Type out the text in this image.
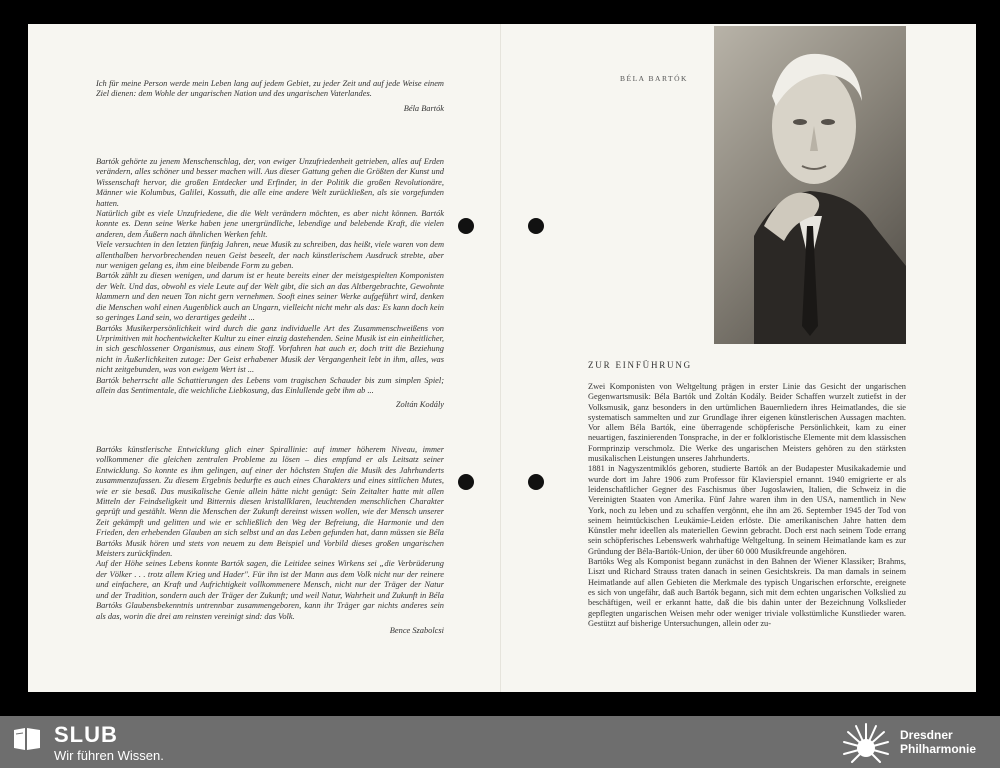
Ich für meine Person werde mein Leben lang auf jedem Gebiet, zu jeder Zeit und auf jede Weise einem Ziel dienen: dem Wohle der ungarischen Nation und des ungarischen Vaterlandes.

Béla Bartók

Bartók gehörte zu jenem Menschenschlag, der, von ewiger Unzufriedenheit getrieben, alles auf Erden verändern, alles schöner und besser machen will. Aus dieser Gattung gehen die Größten der Kunst und Wissenschaft hervor, die großen Entdecker und Erfinder, in der Politik die großen Revolutionäre, Männer wie Kolumbus, Galilei, Kossuth, die alle eine andere Welt zurückließen, als sie vorgefunden hatten.

Natürlich gibt es viele Unzufriedene, die die Welt verändern möchten, es aber nicht können. Bartók konnte es. Denn seine Werke haben jene unergründliche, lebendige und belebende Kraft, die vielen anderen, dem Äußern nach ähnlichen Werken fehlt.

Viele versuchten in den letzten fünfzig Jahren, neue Musik zu schreiben, das heißt, viele waren von dem allenthalben hervorbrechenden neuen Geist beseelt, der nach künstlerischem Ausdruck strebte, aber nur wenigen gelang es, ihm eine bleibende Form zu geben.

Bartók zählt zu diesen wenigen, und darum ist er heute bereits einer der meistgespielten Komponisten der Welt. Und das, obwohl es viele Leute auf der Welt gibt, die sich an das Altbergebrachte, Gewohnte klammern und den neuen Ton nicht gern vernehmen. Sooft eines seiner Werke aufgeführt wird, denken die Menschen wohl einen Augenblick auch an Ungarn, vielleicht nicht mehr als das: Es kann doch kein so geringes Land sein, wo derartiges gedeiht ...

Bartóks Musikerpersönlichkeit wird durch die ganz individuelle Art des Zusammenschweißens von Urprimitiven mit hochentwickelter Kultur zu einer einzig dastehenden. Seine Musik ist ein einheitlicher, in sich geschlossener Organismus, aus einem Stoff. Vorfahren hat auch er, doch tritt die Beziehung nicht in Äußerlichkeiten zutage: Der Geist erhabener Musik der Vergangenheit lebt in ihm, alles, was nicht zeitgebunden, was von ewigem Wert ist ...

Bartók beherrscht alle Schattierungen des Lebens vom tragischen Schauder bis zum simplen Spiel; allein das Sentimentale, die weichliche Liebkosung, das Einlullende gebt ihm ab ...

Zoltán Kodály

Bartóks künstlerische Entwicklung glich einer Spirallinie: auf immer höherem Niveau, immer vollkommener die gleichen zentralen Probleme zu lösen – dies empfand er als Leitsatz seiner Entwicklung. So konnte es ihm gelingen, auf einer der höchsten Stufen die Musik des Jahrhunderts zusammenzufassen. Zu diesem Ergebnis bedurfte es auch eines Charakters und eines sittlichen Mutes, wie er sie besaß. Das musikalische Genie allein hätte nicht genügt: Sein Zeitalter hatte mit allen Mitteln der Feindseligkeit und Bitternis diesen kristallklaren, leuchtenden menschlichen Charakter geprüft und gestählt. Wenn die Menschen der Zukunft dereinst wissen wollen, wie der Mensch unserer Zeit gekämpft und gelitten und wie er schließlich den Weg der Befreiung, die Harmonie und den Frieden, den erhebenden Glauben an sich selbst und an das Leben gefunden hat, dann müssen sie Béla Bartóks Musik hören und stets von neuem zu dem Beispiel und Vorbild dieses großen ungarischen Meisters zurückfinden.

Auf der Höhe seines Lebens konnte Bartók sagen, die Leitidee seines Wirkens sei „die Verbrüderung der Völker . . . trotz allem Krieg und Hader". Für ihn ist der Mann aus dem Volk nicht nur der reinere und einfachere, an Kraft und Aufrichtigkeit vollkommenere Mensch, nicht nur der Träger der Natur und der Tradition, sondern auch der Träger der Zukunft; und weil Natur, Wahrheit und Zukunft in Béla Bartóks Glaubensbekenntnis untrennbar zusammengeboren, kann ihr Träger gar nichts anderes sein als das, worin die drei am reinsten vereinigt sind: das Volk.

Bence Szabolcsi

BÉLA BARTÓK
ZUR EINFÜHRUNG

Zwei Komponisten von Weltgeltung prägen in erster Linie das Gesicht der ungarischen Gegenwartsmusik: Béla Bartók und Zoltán Kodály. Beider Schaffen wurzelt zutiefst in der Volksmusik, ganz besonders in den urtümlichen Bauernliedern ihres Heimatlandes, die sie systematisch sammelten und zur Grundlage ihrer eigenen künstlerischen Aussagen machten. Vor allem Béla Bartók, eine überragende schöpferische Persönlichkeit, kam zu einer neuartigen, faszinierenden Tonsprache, in der er folkloristische Elemente mit dem klassischen Formprinzip verschmolz. Die Werke des ungarischen Meisters gehören zu den stärksten musikalischen Leistungen unseres Jahrhunderts.

1881 in Nagyszentmiklós geboren, studierte Bartók an der Budapester Musikakademie und wurde dort im Jahre 1906 zum Professor für Klavierspiel ernannt. 1940 emigrierte er als leidenschaftlicher Gegner des Faschismus über Jugoslawien, Italien, die Schweiz in die Vereinigten Staaten von Amerika. Fünf Jahre waren ihm in den USA, namentlich in New York, noch zu leben und zu schaffen vergönnt, ehe ihn am 26. September 1945 der Tod von seinem heimtückischen Leukämie-Leiden erlöste. Die amerikanischen Jahre hatten dem Künstler mehr ideellen als materiellen Gewinn gebracht. Doch erst nach seinem Tode errang sein schöpferisches Lebenswerk wahrhaftige Weltgeltung. In seinem Heimatlande kam es zur Gründung der Béla-Bartók-Union, der über 60 000 Musikfreunde angehören.

Bartóks Weg als Komponist begann zunächst in den Bahnen der Wiener Klassiker; Brahms, Liszt und Richard Strauss traten danach in seinen Gesichtskreis. Da man damals in seinem Heimatlande auf allen Gebieten die Merkmale des typisch Ungarischen erforschte, ereignete es sich von ungefähr, daß auch Bartók begann, sich mit dem echten ungarischen Volkslied zu beschäftigen, weil er erkannt hatte, daß die bis dahin unter der Bezeichnung Volkslieder gepflegten ungarischen Weisen mehr oder weniger triviale volkstümliche Kunstlieder waren. Gestützt auf bisherige Untersuchungen, allein oder zu-

SLUB
Wir führen Wissen.
Dresdner
Philharmonie
